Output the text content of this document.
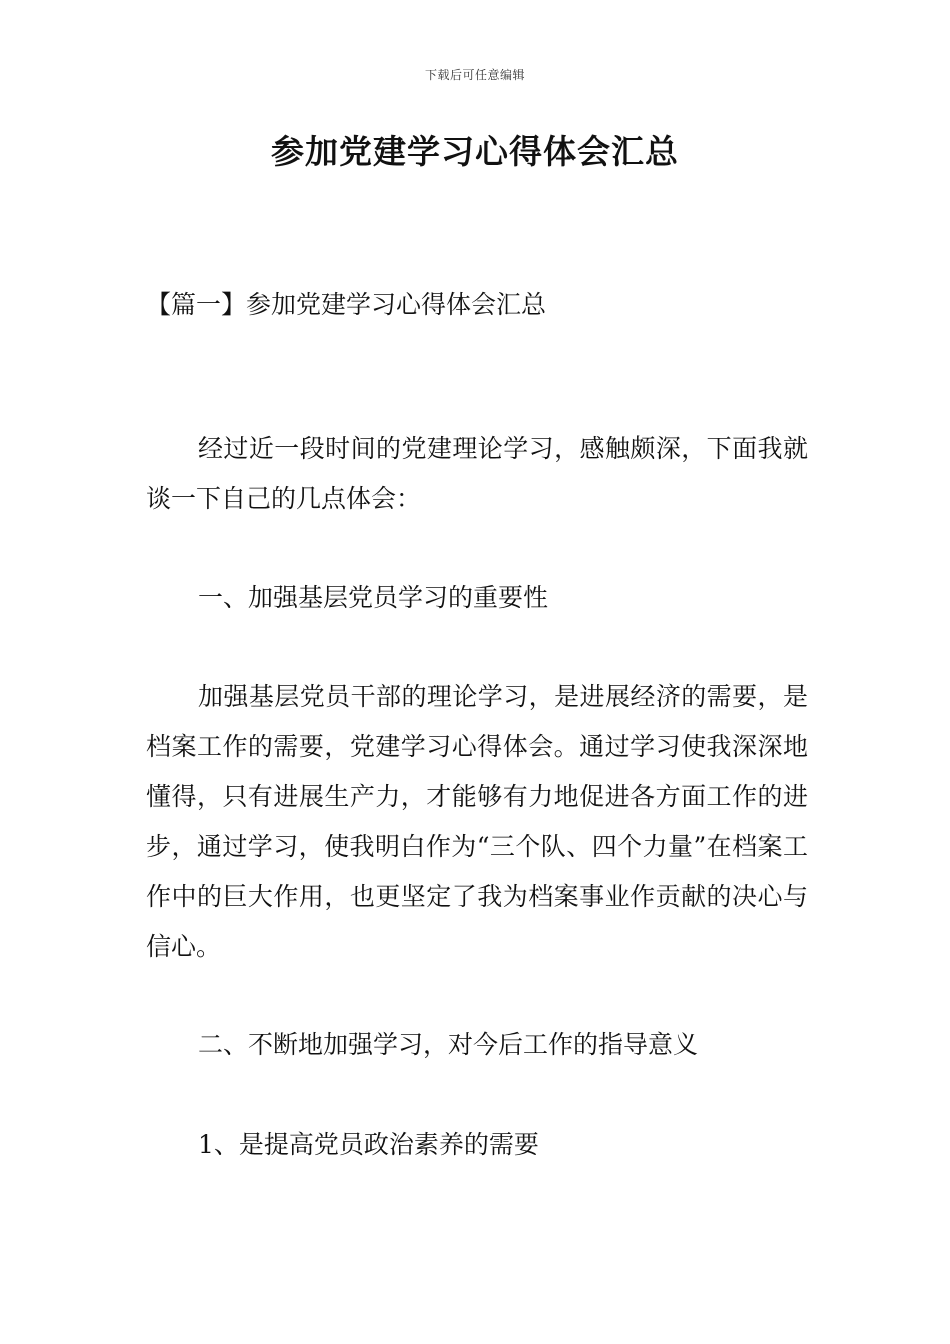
下载后可任意编辑
参加党建学习心得体会汇总

【篇一】参加党建学习心得体会汇总

经过近一段时间的党建理论学习，感触颇深，下面我就谈一下自己的几点体会：

一、加强基层党员学习的重要性

加强基层党员干部的理论学习，是进展经济的需要，是档案工作的需要，党建学习心得体会。通过学习使我深深地懂得，只有进展生产力，才能够有力地促进各方面工作的进步，通过学习，使我明白作为“三个队、四个力量”在档案工作中的巨大作用，也更坚定了我为档案事业作贡献的决心与信心。

二、不断地加强学习，对今后工作的指导意义

1、是提高党员政治素养的需要
